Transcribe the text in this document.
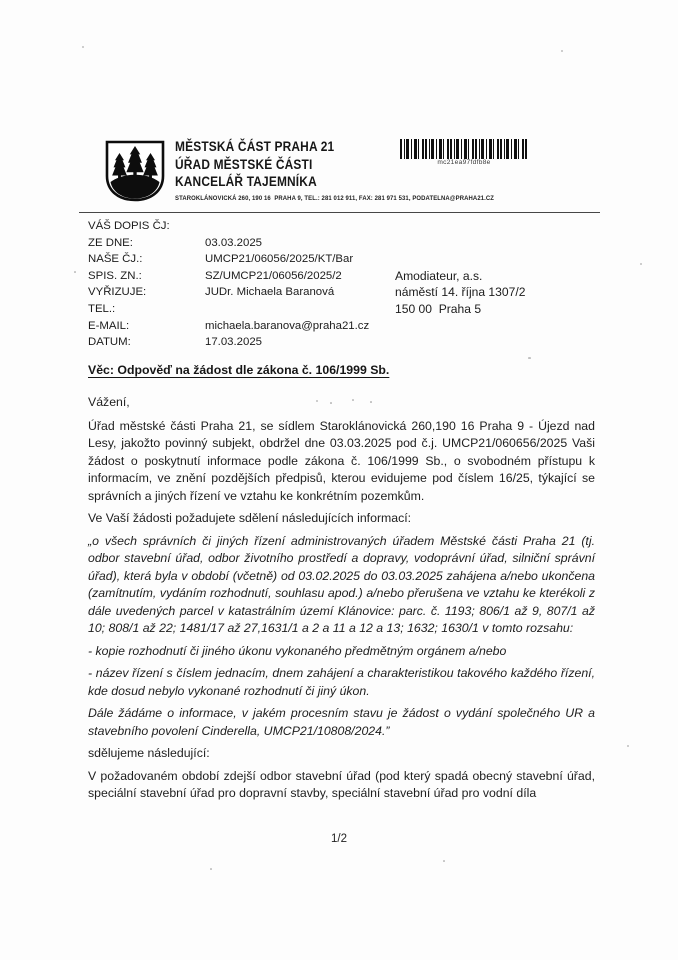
MĚSTSKÁ ČÁST PRAHA 21
ÚŘAD MĚSTSKÉ ČÁSTI
KANCELÁŘ TAJEMNÍKA
STAROKLÁNOVICKÁ 260, 190 16  PRAHA 9, TEL.: 281 012 911, FAX: 281 971 531, PODATELNA@PRAHA21.CZ
mc21ea97fdfb8e
VÁŠ DOPIS ČJ:
ZE DNE:	03.03.2025
NAŠE ČJ.:	UMCP21/06056/2025/KT/Bar
SPIS. ZN.:	SZ/UMCP21/06056/2025/2
VYŘIZUJE:	JUDr. Michaela Baranová
TEL.:
E-MAIL:	michaela.baranova@praha21.cz
DATUM:	17.03.2025
Amodiateur, a.s.
náměstí 14. října 1307/2
150 00  Praha 5
Věc: Odpověď na žádost dle zákona č. 106/1999 Sb.
Vážení,

Úřad městské části Praha 21, se sídlem Staroklánovická 260,190 16 Praha 9 - Újezd nad Lesy, jakožto povinný subjekt, obdržel dne 03.03.2025 pod č.j. UMCP21/060656/2025 Vaši žádost o poskytnutí informace podle zákona č. 106/1999 Sb., o svobodném přístupu k informacím, ve znění pozdějších předpisů, kterou evidujeme pod číslem 16/25, týkající se správních a jiných řízení ve vztahu ke konkrétním pozemkům.

Ve Vaší žádosti požadujete sdělení následujících informací:

„o všech správních či jiných řízení administrovaných úřadem Městské části Praha 21 (tj. odbor stavební úřad, odbor životního prostředí a dopravy, vodoprávní úřad, silniční správní úřad), která byla v období (včetně) od 03.02.2025 do 03.03.2025 zahájena a/nebo ukončena (zamítnutím, vydáním rozhodnutí, souhlasu apod.) a/nebo přerušena ve vztahu ke kterékoli z dále uvedených parcel v katastrálním území Klánovice: parc. č. 1193; 806/1 až 9, 807/1 až 10; 808/1 až 22; 1481/17 až 27,1631/1 a 2 a 11 a 12 a 13; 1632; 1630/1 v tomto rozsahu:

- kopie rozhodnutí či jiného úkonu vykonaného předmětným orgánem a/nebo

- název řízení s číslem jednacím, dnem zahájení a charakteristikou takového každého řízení, kde dosud nebylo vykonané rozhodnutí či jiný úkon.

Dále žádáme o informace, v jakém procesním stavu je žádost o vydání společného UR a stavebního povolení Cinderella, UMCP21/10808/2024.”

sdělujeme následující:

V požadovaném období zdejší odbor stavební úřad (pod který spadá obecný stavební úřad, speciální stavební úřad pro dopravní stavby, speciální stavební úřad pro vodní díla

1/2
